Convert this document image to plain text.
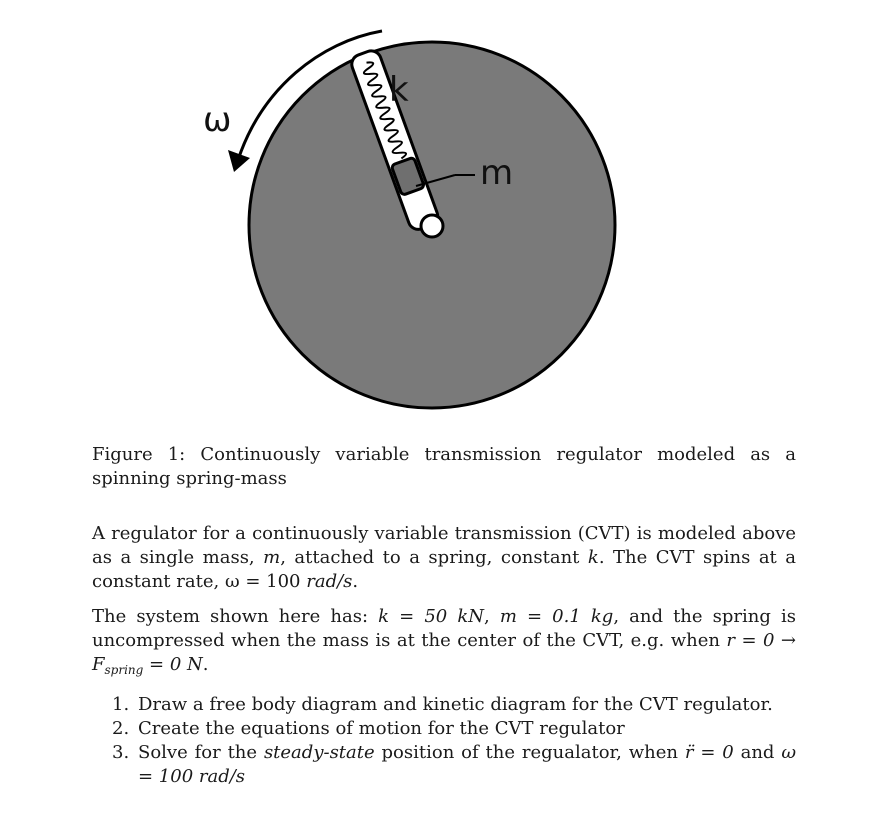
ω
k
m
Figure 1: Continuously variable transmission regulator modeled as a spinning spring-mass

A regulator for a continuously variable transmission (CVT) is modeled above as a single mass, m, attached to a spring, constant k. The CVT spins at a constant rate, ω = 100 rad/s.

The system shown here has: k = 50 kN, m = 0.1 kg, and the spring is uncompressed when the mass is at the center of the CVT, e.g. when $r = 0 \to F_{spring} = 0$ N.

1. Draw a free body diagram and kinetic diagram for the CVT regulator.
2. Create the equations of motion for the CVT regulator
3. Solve for the steady-state position of the regualator, when r̈ = 0 and ω = 100 rad/s
